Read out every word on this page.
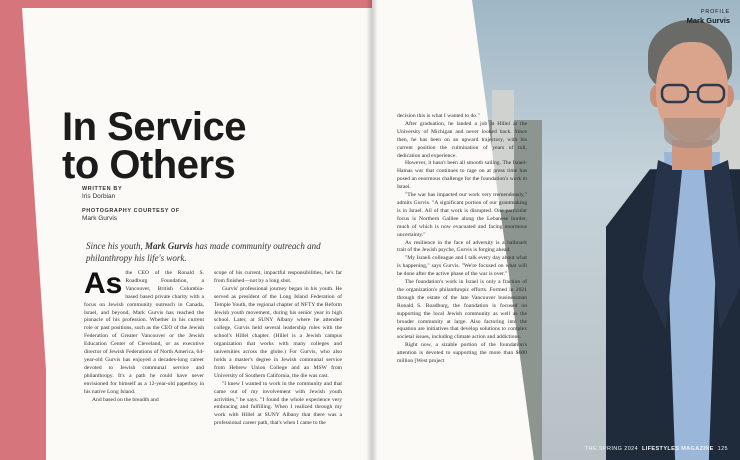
In Service
to Others
WRITTEN BY
Iris Dorbian
PHOTOGRAPHY COURTESY OF
Mark Gurvis

Since his youth, Mark Gurvis has made community outreach and philanthropy his life's work.

As the CEO of the Ronald S. Roadburg Foundation, a Vancouver, British Columbia-based based private charity with a focus on Jewish community outreach in Canada, Israel, and beyond, Mark Gurvis has reached the pinnacle of his profession. Whether in his current role or past positions, such as the CEO of the Jewish Federation of Greater Vancouver or the Jewish Education Center of Cleveland, or as executive director of Jewish Federations of North America, 64-year-old Gurvis has enjoyed a decades-long career devoted to Jewish communal service and philanthropy. It's a path he could have never envisioned for himself as a 12-year-old paperboy in his native Long Island.

And based on the breadth and

scope of his current, impactful responsibilities, he's far from finished—not by a long shot.

Gurvis' professional journey began in his youth. He served as president of the Long Island Federation of Temple Youth, the regional chapter of NFTY the Reform Jewish youth movement, during his senior year in high school. Later, at SUNY Albany where he attended college, Gurvis held several leadership roles with the school's Hillel chapter. (Hillel is a Jewish campus organization that works with many colleges and universities across the globe.) For Gurvis, who also holds a master's degree in Jewish communal service from Hebrew Union College and an MSW from University of Southern California, the die was cast.

"I knew I wanted to work in the community and that came out of my involvement with Jewish youth activities," he says. "I found the whole experience very embracing and fulfilling. When I realized through my work with Hillel at SUNY Albany that there was a professional career path, that's when I came to the

PROFILE
Mark Gurvis

decision this is what I wanted to do."

After graduation, he landed a job at Hillel at the University of Michigan and never looked back. Since then, he has been on an upward trajectory, with his current position the culmination of years of toil, dedication and experience.

However, it hasn't been all smooth sailing. The Israel-Hamas war that continues to rage on at press time has posed an enormous challenge for the foundation's work in Israel.

"The war has impacted our work very tremendously," admits Gurvis. "A significant portion of our grantmaking is in Israel. All of that work is disrupted. One particular focus is Northern Galilee along the Lebanese border, much of which is now evacuated and facing enormous uncertainty."

As resilience in the face of adversity is a hallmark trait of the Jewish psyche, Gurvis is forging ahead.

"My Israeli colleague and I talk every day about what is happening," says Gurvis. "We're focused on what will be done after the active phase of the war is over."

The foundation's work in Israel is only a fraction of the organization's philanthropic efforts. Formed in 2021 through the estate of the late Vancouver businessman Ronald S. Roadburg, the foundation is focused on supporting the local Jewish community as well as the broader community at large. Also factoring into the equation are initiatives that develop solutions to complex societal issues, including climate action and addictions.

Right now, a sizable portion of the foundation's attention is devoted to supporting the more than $600 million [West project

THE SPRING 2024 LIFESTYLES MAGAZINE 125
